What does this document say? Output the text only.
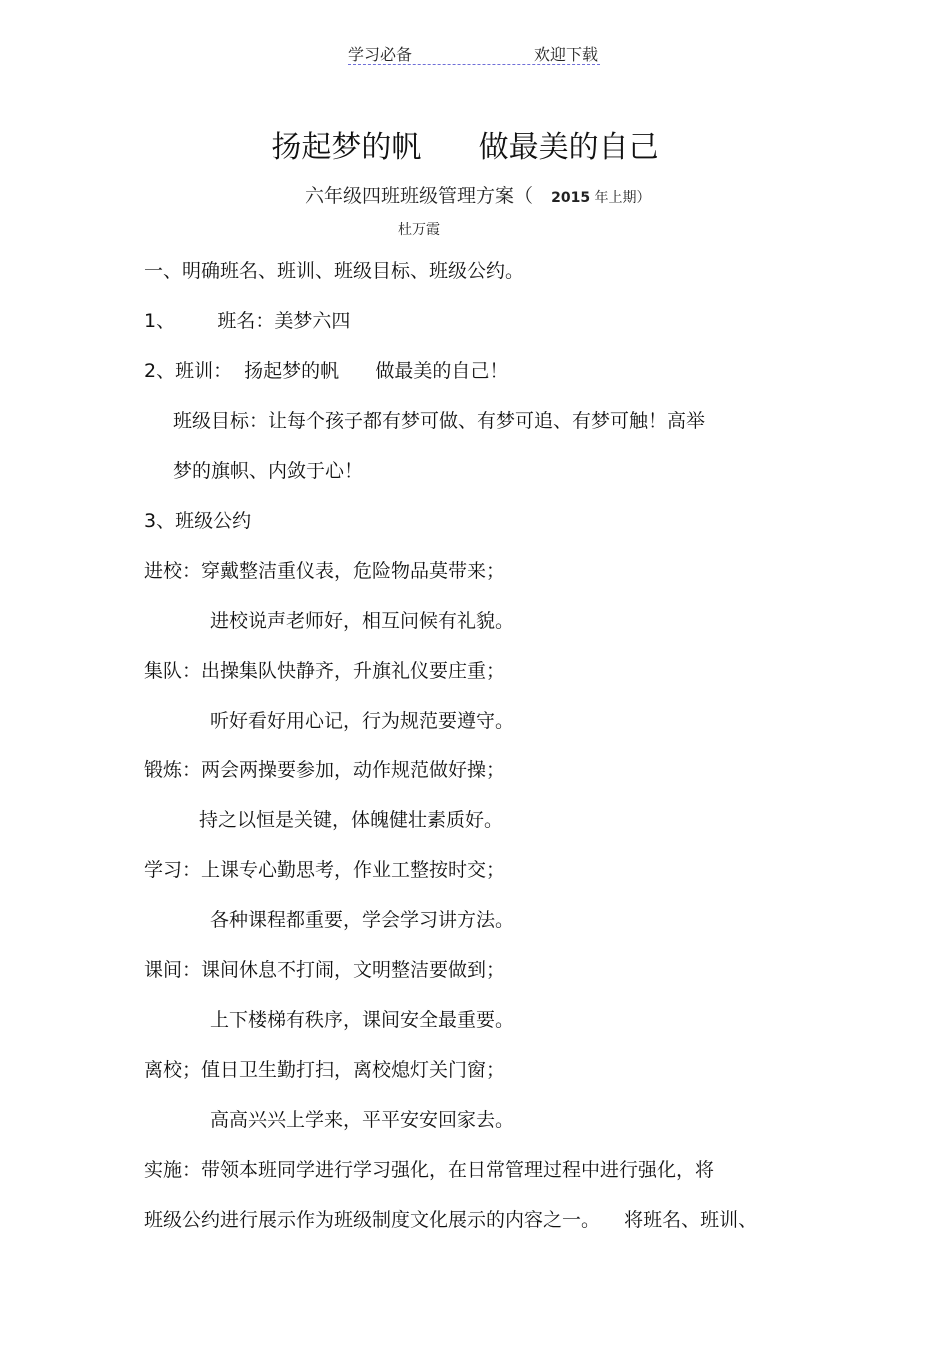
学习必备	欢迎下载
扬起梦的帆      做最美的自己
六年级四班班级管理方案（   2015 年上期）
杜万霞
一、明确班名、班训、班级目标、班级公约。
1、       班名：美梦六四
2、班训：  扬起梦的帆      做最美的自己！
班级目标：让每个孩子都有梦可做、有梦可追、有梦可触！高举
梦的旗帜、内敛于心！
3、班级公约
进校：穿戴整洁重仪表，危险物品莫带来；
进校说声老师好，相互问候有礼貌。
集队：出操集队快静齐，升旗礼仪要庄重；
听好看好用心记，行为规范要遵守。
锻炼：两会两操要参加，动作规范做好操；
持之以恒是关键，体魄健壮素质好。
学习：上课专心勤思考，作业工整按时交；
各种课程都重要，学会学习讲方法。
课间：课间休息不打闹，文明整洁要做到；
上下楼梯有秩序，课间安全最重要。
离校；值日卫生勤打扫，离校熄灯关门窗；
高高兴兴上学来，平平安安回家去。
实施：带领本班同学进行学习强化，在日常管理过程中进行强化，将
班级公约进行展示作为班级制度文化展示的内容之一。    将班名、班训、
